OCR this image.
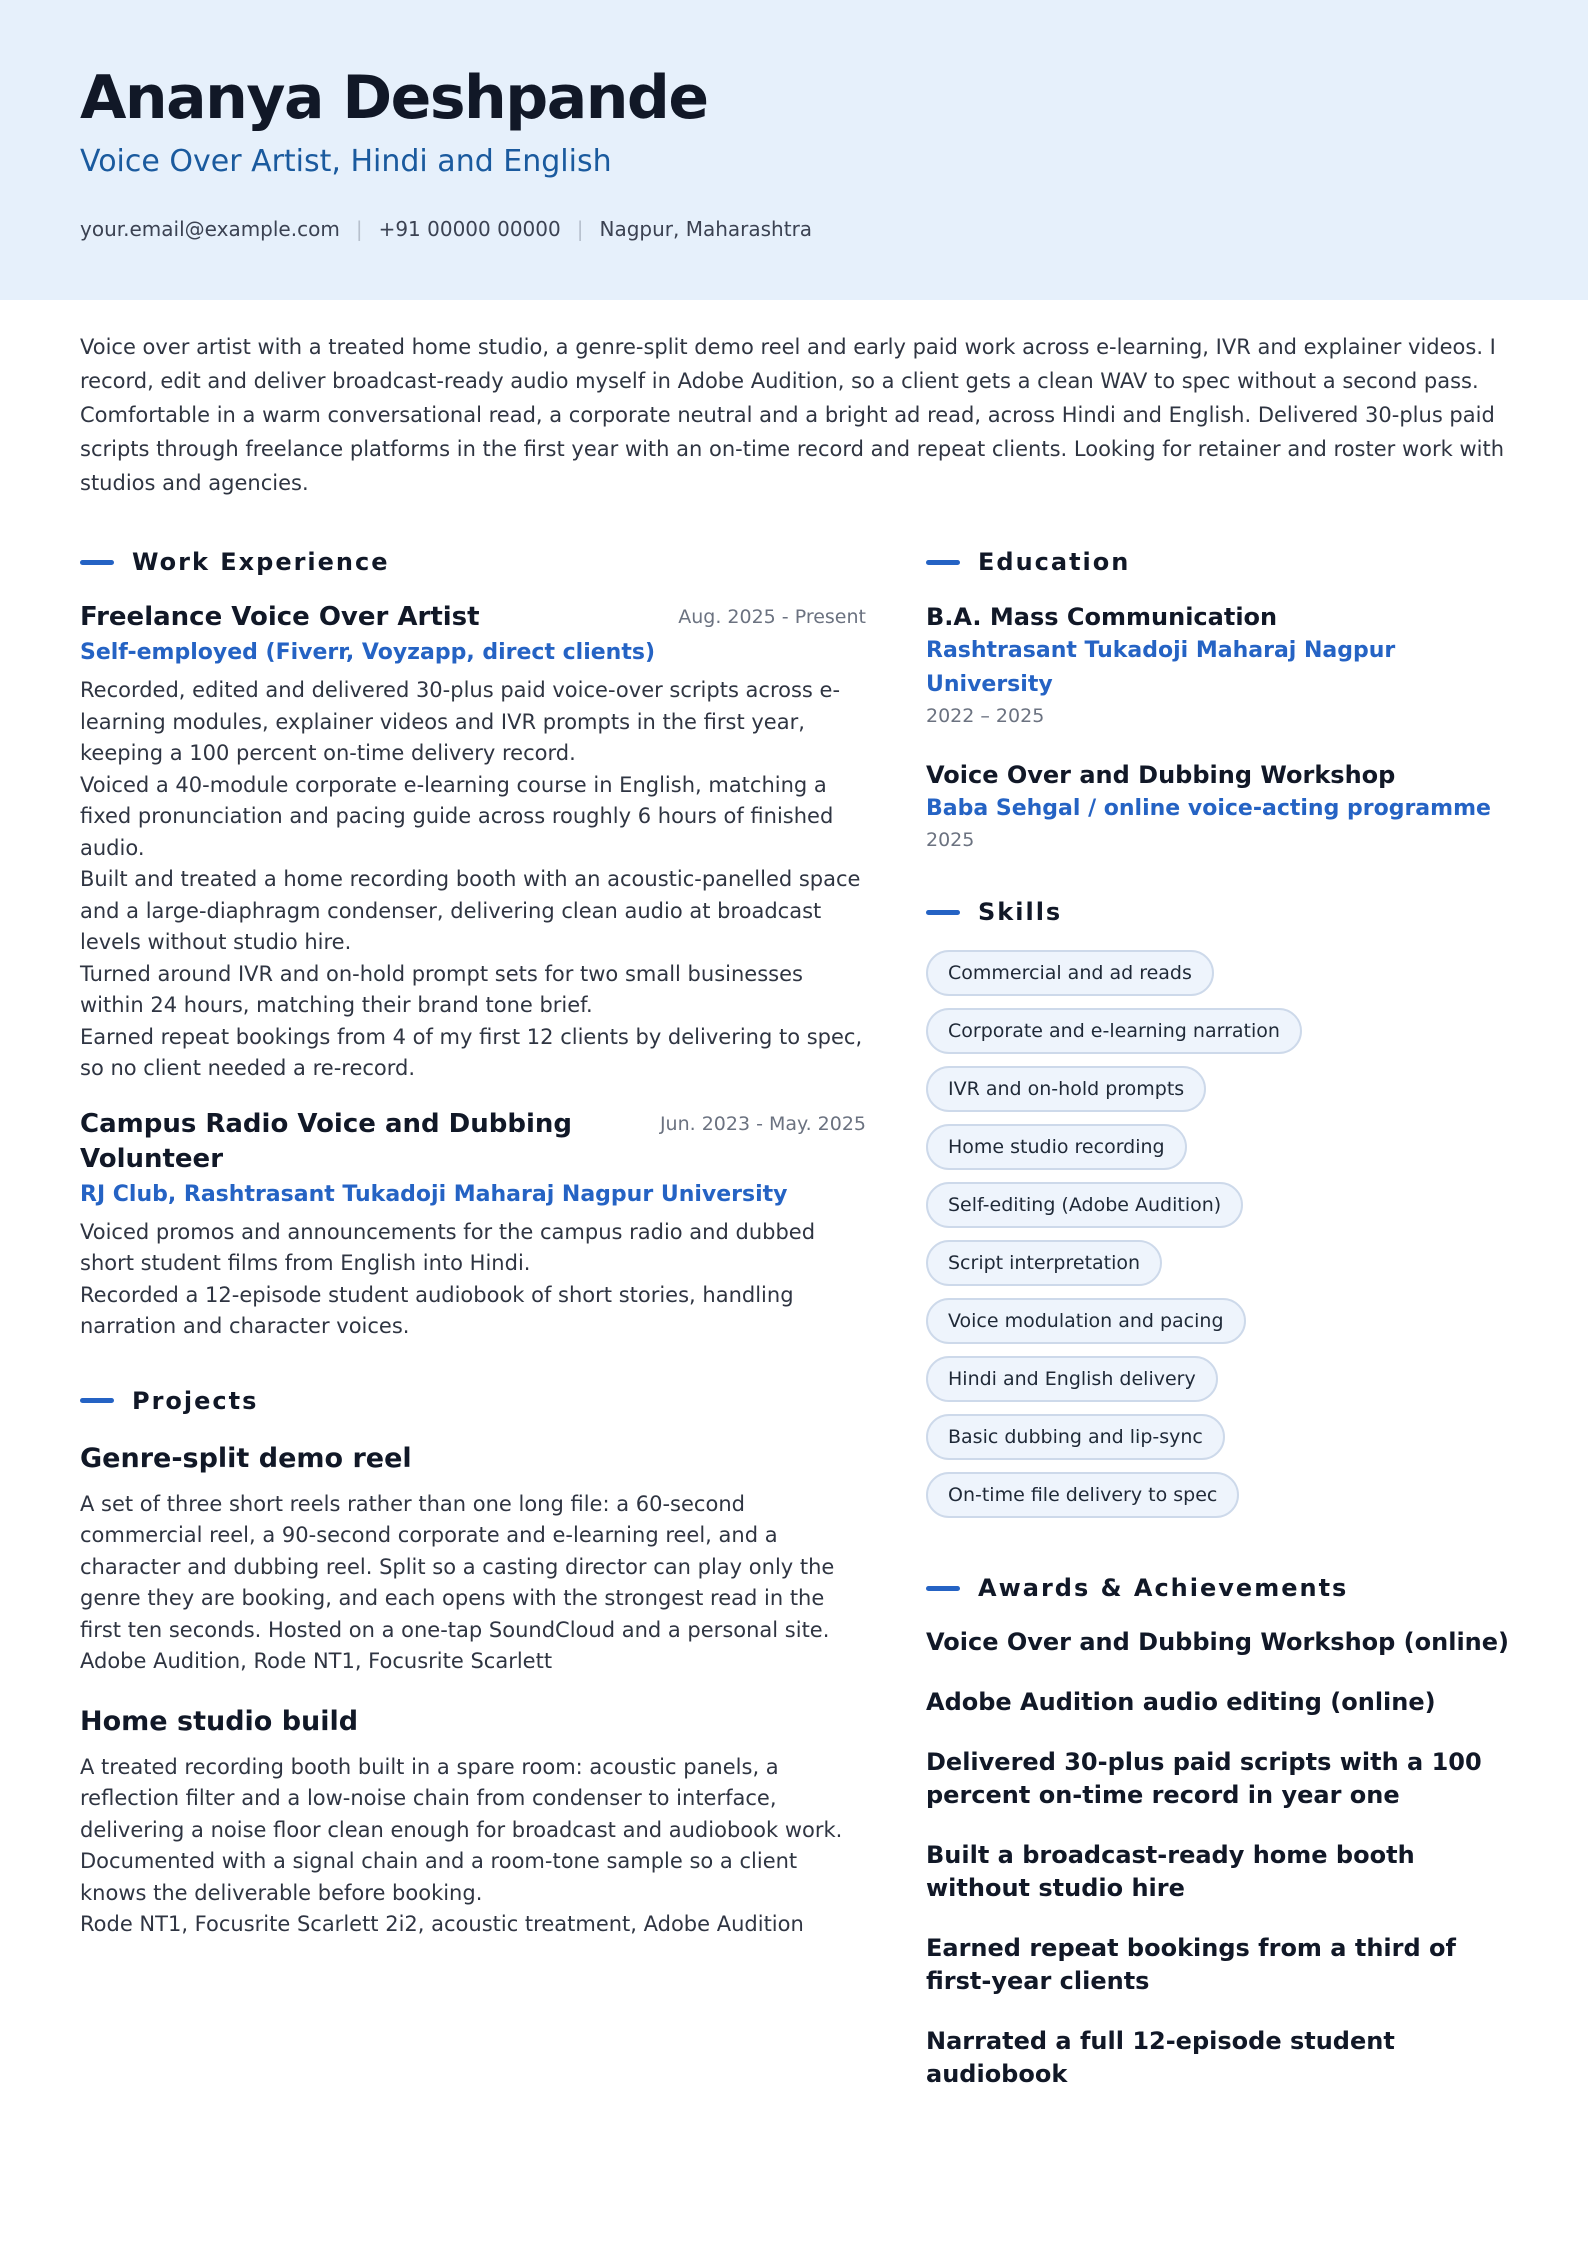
Ananya Deshpande
Voice Over Artist, Hindi and English
your.email@example.com | +91 00000 00000 | Nagpur, Maharashtra

Voice over artist with a treated home studio, a genre-split demo reel and early paid work across e-learning, IVR and explainer videos. I record, edit and deliver broadcast-ready audio myself in Adobe Audition, so a client gets a clean WAV to spec without a second pass. Comfortable in a warm conversational read, a corporate neutral and a bright ad read, across Hindi and English. Delivered 30-plus paid scripts through freelance platforms in the first year with an on-time record and repeat clients. Looking for retainer and roster work with studios and agencies.

Work Experience
Freelance Voice Over Artist	Aug. 2025 - Present
Self-employed (Fiverr, Voyzapp, direct clients)

Recorded, edited and delivered 30-plus paid voice-over scripts across e-learning modules, explainer videos and IVR prompts in the first year, keeping a 100 percent on-time delivery record.

Voiced a 40-module corporate e-learning course in English, matching a fixed pronunciation and pacing guide across roughly 6 hours of finished audio.

Built and treated a home recording booth with an acoustic-panelled space and a large-diaphragm condenser, delivering clean audio at broadcast levels without studio hire.

Turned around IVR and on-hold prompt sets for two small businesses within 24 hours, matching their brand tone brief.

Earned repeat bookings from 4 of my first 12 clients by delivering to spec, so no client needed a re-record.

Campus Radio Voice and Dubbing Volunteer
Jun. 2023 - May. 2025
RJ Club, Rashtrasant Tukadoji Maharaj Nagpur University

Voiced promos and announcements for the campus radio and dubbed short student films from English into Hindi.

Recorded a 12-episode student audiobook of short stories, handling narration and character voices.

Projects
Genre-split demo reel

A set of three short reels rather than one long file: a 60-second commercial reel, a 90-second corporate and e-learning reel, and a character and dubbing reel. Split so a casting director can play only the genre they are booking, and each opens with the strongest read in the first ten seconds. Hosted on a one-tap SoundCloud and a personal site.

Adobe Audition, Rode NT1, Focusrite Scarlett

Home studio build

A treated recording booth built in a spare room: acoustic panels, a reflection filter and a low-noise chain from condenser to interface, delivering a noise floor clean enough for broadcast and audiobook work. Documented with a signal chain and a room-tone sample so a client knows the deliverable before booking.

Rode NT1, Focusrite Scarlett 2i2, acoustic treatment, Adobe Audition

Education
B.A. Mass Communication
Rashtrasant Tukadoji Maharaj Nagpur University
2022 – 2025
Voice Over and Dubbing Workshop
Baba Sehgal / online voice-acting programme
2025
Skills
Commercial and ad reads
Corporate and e-learning narration
IVR and on-hold prompts
Home studio recording
Self-editing (Adobe Audition)
Script interpretation
Voice modulation and pacing
Hindi and English delivery
Basic dubbing and lip-sync
On-time file delivery to spec
Awards & Achievements
Voice Over and Dubbing Workshop (online)
Adobe Audition audio editing (online)
Delivered 30-plus paid scripts with a 100 percent on-time record in year one
Built a broadcast-ready home booth without studio hire
Earned repeat bookings from a third of first-year clients
Narrated a full 12-episode student audiobook
